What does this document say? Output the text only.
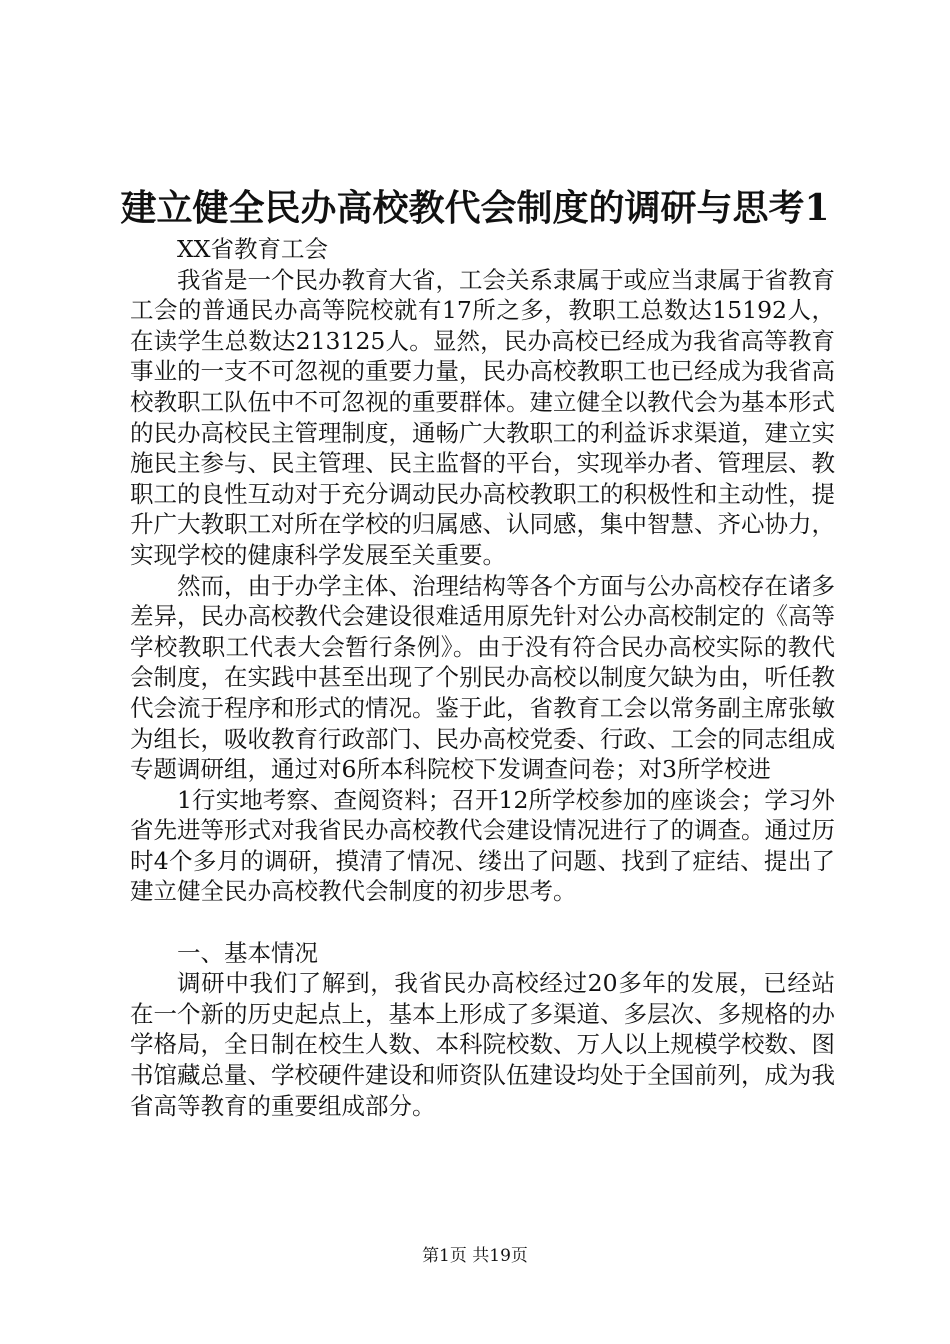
建立健全民办高校教代会制度的调研与思考1

XX省教育工会

我省是一个民办教育大省，工会关系隶属于或应当隶属于省教育工会的普通民办高等院校就有17所之多，教职工总数达15192人，在读学生总数达213125人。显然，民办高校已经成为我省高等教育事业的一支不可忽视的重要力量，民办高校教职工也已经成为我省高校教职工队伍中不可忽视的重要群体。建立健全以教代会为基本形式的民办高校民主管理制度，通畅广大教职工的利益诉求渠道，建立实施民主参与、民主管理、民主监督的平台，实现举办者、管理层、教职工的良性互动对于充分调动民办高校教职工的积极性和主动性，提升广大教职工对所在学校的归属感、认同感，集中智慧、齐心协力，实现学校的健康科学发展至关重要。

然而，由于办学主体、治理结构等各个方面与公办高校存在诸多差异，民办高校教代会建设很难适用原先针对公办高校制定的《高等学校教职工代表大会暂行条例》。由于没有符合民办高校实际的教代会制度，在实践中甚至出现了个别民办高校以制度欠缺为由，听任教代会流于程序和形式的情况。鉴于此，省教育工会以常务副主席张敏为组长，吸收教育行政部门、民办高校党委、行政、工会的同志组成专题调研组，通过对6所本科院校下发调查问卷；对3所学校进

1行实地考察、查阅资料；召开12所学校参加的座谈会；学习外省先进等形式对我省民办高校教代会建设情况进行了的调查。通过历时4个多月的调研，摸清了情况、缕出了问题、找到了症结、提出了建立健全民办高校教代会制度的初步思考。

一、基本情况

调研中我们了解到，我省民办高校经过20多年的发展，已经站在一个新的历史起点上，基本上形成了多渠道、多层次、多规格的办学格局，全日制在校生人数、本科院校数、万人以上规模学校数、图书馆藏总量、学校硬件建设和师资队伍建设均处于全国前列，成为我省高等教育的重要组成部分。

第1页 共19页
